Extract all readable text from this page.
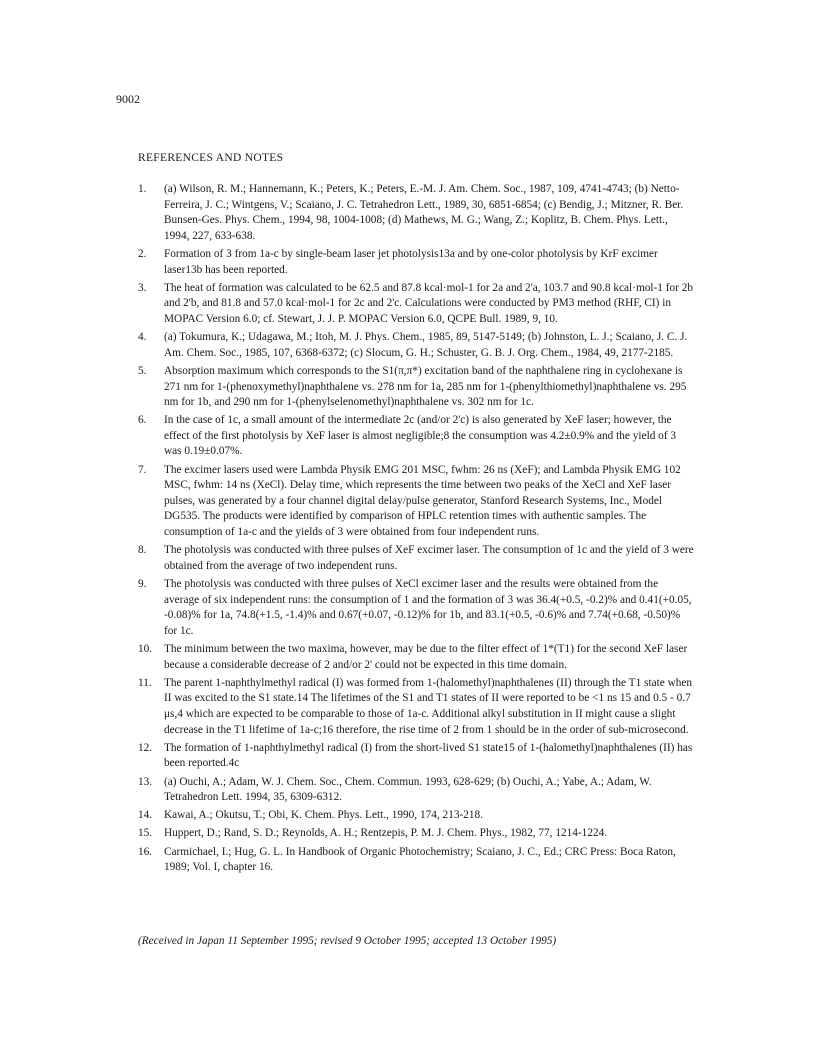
9002
REFERENCES AND NOTES
1.	(a) Wilson, R. M.; Hannemann, K.; Peters, K.; Peters, E.-M. J. Am. Chem. Soc., 1987, 109, 4741-4743; (b) Netto-Ferreira, J. C.; Wintgens, V.; Scaiano, J. C. Tetrahedron Lett., 1989, 30, 6851-6854; (c) Bendig, J.; Mitzner, R. Ber. Bunsen-Ges. Phys. Chem., 1994, 98, 1004-1008; (d) Mathews, M. G.; Wang, Z.; Koplitz, B. Chem. Phys. Lett., 1994, 227, 633-638.
2.	Formation of 3 from 1a-c by single-beam laser jet photolysis13a and by one-color photolysis by KrF excimer laser13b has been reported.
3.	The heat of formation was calculated to be 62.5 and 87.8 kcal·mol-1 for 2a and 2'a, 103.7 and 90.8 kcal·mol-1 for 2b and 2'b, and 81.8 and 57.0 kcal·mol-1 for 2c and 2'c. Calculations were conducted by PM3 method (RHF, CI) in MOPAC Version 6.0; cf. Stewart, J. J. P. MOPAC Version 6.0, QCPE Bull. 1989, 9, 10.
4.	(a) Tokumura, K.; Udagawa, M.; Itoh, M. J. Phys. Chem., 1985, 89, 5147-5149; (b) Johnston, L. J.; Scaiano, J. C. J. Am. Chem. Soc., 1985, 107, 6368-6372; (c) Slocum, G. H.; Schuster, G. B. J. Org. Chem., 1984, 49, 2177-2185.
5.	Absorption maximum which corresponds to the S1(π,π*) excitation band of the naphthalene ring in cyclohexane is 271 nm for 1-(phenoxymethyl)naphthalene vs. 278 nm for 1a, 285 nm for 1-(phenylthiomethyl)naphthalene vs. 295 nm for 1b, and 290 nm for 1-(phenylselenomethyl)naphthalene vs. 302 nm for 1c.
6.	In the case of 1c, a small amount of the intermediate 2c (and/or 2'c) is also generated by XeF laser; however, the effect of the first photolysis by XeF laser is almost negligible;8 the consumption was 4.2±0.9% and the yield of 3 was 0.19±0.07%.
7.	The excimer lasers used were Lambda Physik EMG 201 MSC, fwhm: 26 ns (XeF); and Lambda Physik EMG 102 MSC, fwhm: 14 ns (XeCl). Delay time, which represents the time between two peaks of the XeCl and XeF laser pulses, was generated by a four channel digital delay/pulse generator, Stanford Research Systems, Inc., Model DG535. The products were identified by comparison of HPLC retention times with authentic samples. The consumption of 1a-c and the yields of 3 were obtained from four independent runs.
8.	The photolysis was conducted with three pulses of XeF excimer laser. The consumption of 1c and the yield of 3 were obtained from the average of two independent runs.
9.	The photolysis was conducted with three pulses of XeCl excimer laser and the results were obtained from the average of six independent runs: the consumption of 1 and the formation of 3 was 36.4(+0.5, -0.2)% and 0.41(+0.05, -0.08)% for 1a, 74.8(+1.5, -1.4)% and 0.67(+0.07, -0.12)% for 1b, and 83.1(+0.5, -0.6)% and 7.74(+0.68, -0.50)% for 1c.
10.	The minimum between the two maxima, however, may be due to the filter effect of 1*(T1) for the second XeF laser because a considerable decrease of 2 and/or 2' could not be expected in this time domain.
11.	The parent 1-naphthylmethyl radical (I) was formed from 1-(halomethyl)naphthalenes (II) through the T1 state when II was excited to the S1 state.14 The lifetimes of the S1 and T1 states of II were reported to be <1 ns 15 and 0.5 - 0.7 μs,4 which are expected to be comparable to those of 1a-c. Additional alkyl substitution in II might cause a slight decrease in the T1 lifetime of 1a-c;16 therefore, the rise time of 2 from 1 should be in the order of sub-microsecond.
12.	The formation of 1-naphthylmethyl radical (I) from the short-lived S1 state15 of 1-(halomethyl)naphthalenes (II) has been reported.4c
13.	(a) Ouchi, A.; Adam, W. J. Chem. Soc., Chem. Commun. 1993, 628-629; (b) Ouchi, A.; Yabe, A.; Adam, W. Tetrahedron Lett. 1994, 35, 6309-6312.
14.	Kawai, A.; Okutsu, T.; Obi, K. Chem. Phys. Lett., 1990, 174, 213-218.
15.	Huppert, D.; Rand, S. D.; Reynolds, A. H.; Rentzepis, P. M. J. Chem. Phys., 1982, 77, 1214-1224.
16.	Carmichael, I.; Hug, G. L. In Handbook of Organic Photochemistry; Scaiano, J. C., Ed.; CRC Press: Boca Raton, 1989; Vol. I, chapter 16.
(Received in Japan 11 September 1995; revised 9 October 1995; accepted 13 October 1995)
